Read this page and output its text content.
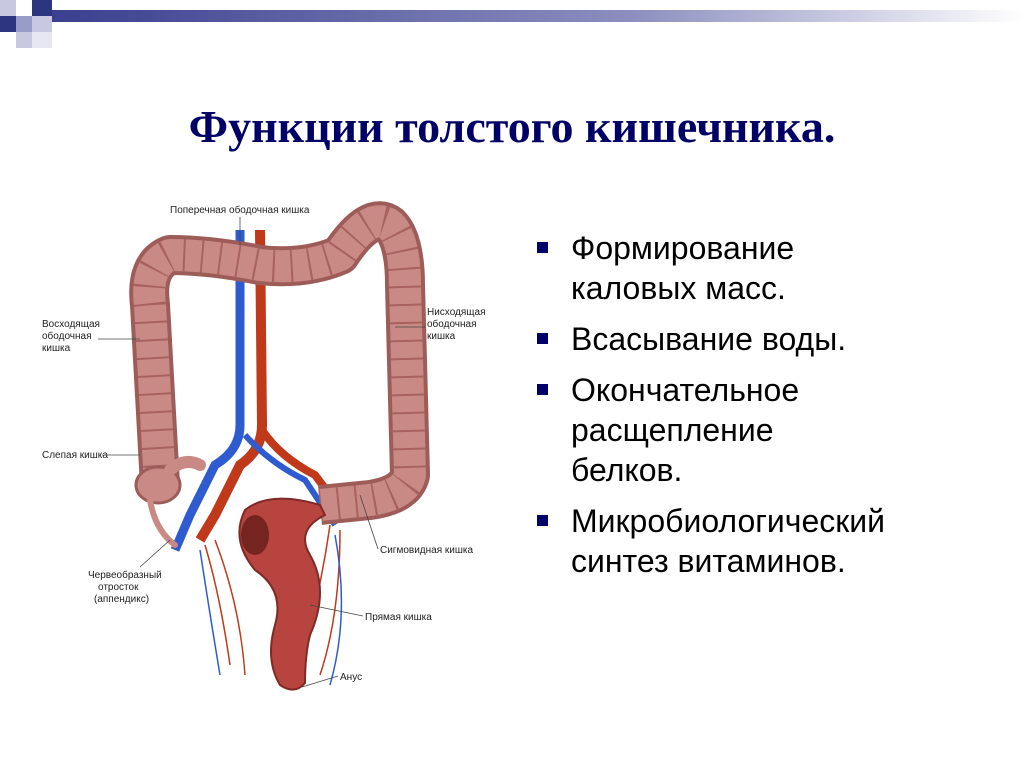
Функции толстого кишечника.
Поперечная ободочная кишка
Восходящая
ободочная
кишка
Нисходящая
ободочная
кишка
Слепая кишка
Сигмовидная кишка
Червеобразный
отросток
(аппендикс)
Прямая кишка
Анус
Формирование
каловых масс.
Всасывание воды.
Окончательное
расщепление
белков.
Микробиологический
синтез витаминов.
